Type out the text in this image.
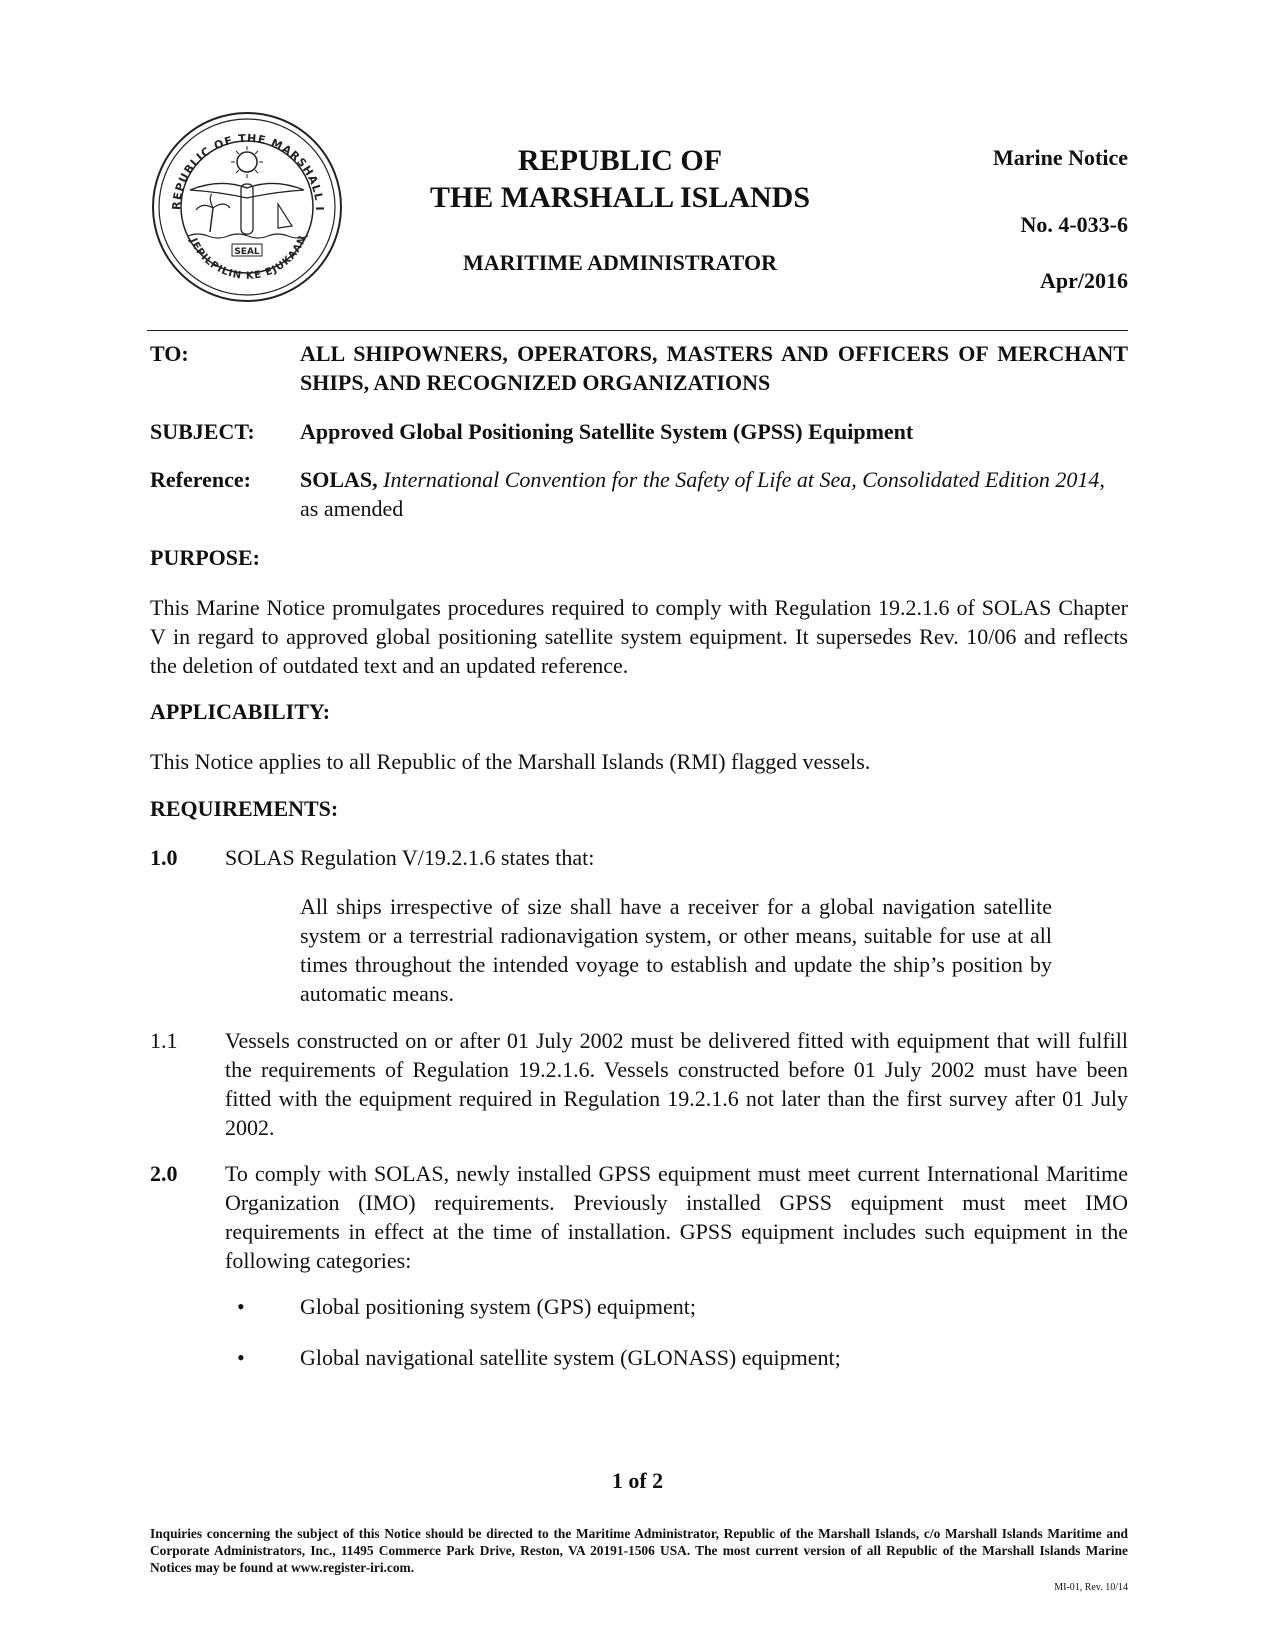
REPUBLIC OF THE MARSHALL I
JEPILPILIN KE EJUKAAN
SEAL
REPUBLIC OF
THE MARSHALL ISLANDS
MARITIME ADMINISTRATOR
Marine Notice
No. 4-033-6
Apr/2016
TO:	ALL SHIPOWNERS, OPERATORS, MASTERS AND OFFICERS OF MERCHANT SHIPS, AND RECOGNIZED ORGANIZATIONS
SUBJECT: Approved Global Positioning Satellite System (GPSS) Equipment
Reference: SOLAS, International Convention for the Safety of Life at Sea, Consolidated Edition 2014, as amended
PURPOSE:
This Marine Notice promulgates procedures required to comply with Regulation 19.2.1.6 of SOLAS Chapter V in regard to approved global positioning satellite system equipment. It supersedes Rev. 10/06 and reflects the deletion of outdated text and an updated reference.
APPLICABILITY:
This Notice applies to all Republic of the Marshall Islands (RMI) flagged vessels.
REQUIREMENTS:
1.0 SOLAS Regulation V/19.2.1.6 states that:
All ships irrespective of size shall have a receiver for a global navigation satellite system or a terrestrial radionavigation system, or other means, suitable for use at all times throughout the intended voyage to establish and update the ship’s position by automatic means.
1.1 Vessels constructed on or after 01 July 2002 must be delivered fitted with equipment that will fulfill the requirements of Regulation 19.2.1.6. Vessels constructed before 01 July 2002 must have been fitted with the equipment required in Regulation 19.2.1.6 not later than the first survey after 01 July 2002.
2.0 To comply with SOLAS, newly installed GPSS equipment must meet current International Maritime Organization (IMO) requirements. Previously installed GPSS equipment must meet IMO requirements in effect at the time of installation. GPSS equipment includes such equipment in the following categories:
•	Global positioning system (GPS) equipment;
•	Global navigational satellite system (GLONASS) equipment;
1 of 2
Inquiries concerning the subject of this Notice should be directed to the Maritime Administrator, Republic of the Marshall Islands, c/o Marshall Islands Maritime and Corporate Administrators, Inc., 11495 Commerce Park Drive, Reston, VA 20191-1506 USA. The most current version of all Republic of the Marshall Islands Marine Notices may be found at www.register-iri.com.
MI-01, Rev. 10/14
